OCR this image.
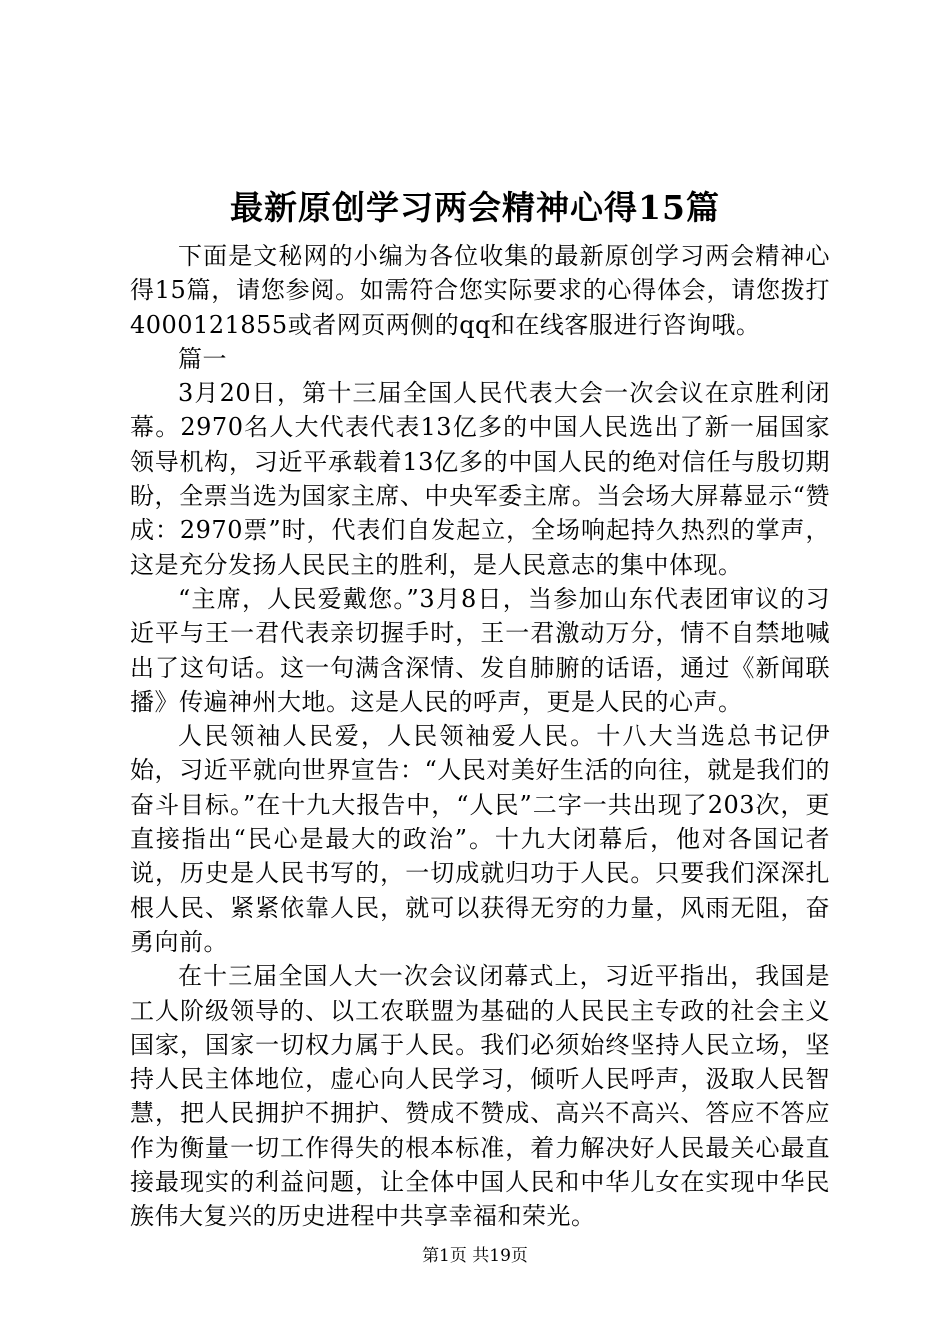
最新原创学习两会精神心得15篇

下面是文秘网的小编为各位收集的最新原创学习两会精神心得15篇，请您参阅。如需符合您实际要求的心得体会，请您拨打4000121855或者网页两侧的qq和在线客服进行咨询哦。

篇一

3月20日，第十三届全国人民代表大会一次会议在京胜利闭幕。2970名人大代表代表13亿多的中国人民选出了新一届国家领导机构，习近平承载着13亿多的中国人民的绝对信任与殷切期盼，全票当选为国家主席、中央军委主席。当会场大屏幕显示“赞成：2970票”时，代表们自发起立，全场响起持久热烈的掌声，这是充分发扬人民民主的胜利，是人民意志的集中体现。

“主席，人民爱戴您。”3月8日，当参加山东代表团审议的习近平与王一君代表亲切握手时，王一君激动万分，情不自禁地喊出了这句话。这一句满含深情、发自肺腑的话语，通过《新闻联播》传遍神州大地。这是人民的呼声，更是人民的心声。

人民领袖人民爱，人民领袖爱人民。十八大当选总书记伊始，习近平就向世界宣告：“人民对美好生活的向往，就是我们的奋斗目标。”在十九大报告中，“人民”二字一共出现了203次，更直接指出“民心是最大的政治”。十九大闭幕后，他对各国记者说，历史是人民书写的，一切成就归功于人民。只要我们深深扎根人民、紧紧依靠人民，就可以获得无穷的力量，风雨无阻，奋勇向前。

在十三届全国人大一次会议闭幕式上，习近平指出，我国是工人阶级领导的、以工农联盟为基础的人民民主专政的社会主义国家，国家一切权力属于人民。我们必须始终坚持人民立场，坚持人民主体地位，虚心向人民学习，倾听人民呼声，汲取人民智慧，把人民拥护不拥护、赞成不赞成、高兴不高兴、答应不答应作为衡量一切工作得失的根本标准，着力解决好人民最关心最直接最现实的利益问题，让全体中国人民和中华儿女在实现中华民族伟大复兴的历史进程中共享幸福和荣光。

第1页 共19页
